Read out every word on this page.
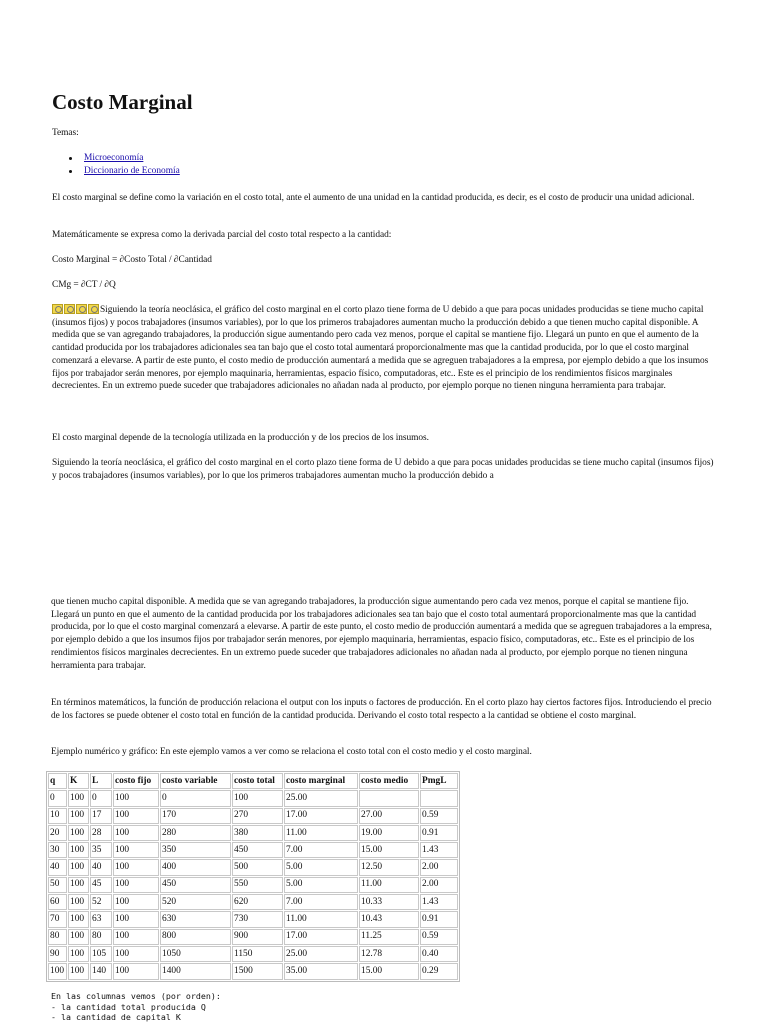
Costo Marginal

Temas:

Microeconomía
Diccionario de Economía

El costo marginal se define como la variación en el costo total, ante el aumento de una unidad en la cantidad producida, es decir, es el costo de producir una unidad adicional.

Matemáticamente se expresa como la derivada parcial del costo total respecto a la cantidad:

Costo Marginal = ∂Costo Total / ∂Cantidad

CMg = ∂CT / ∂Q

Siguiendo la teoría neoclásica, el gráfico del costo marginal en el corto plazo tiene forma de U debido a que para pocas unidades producidas se tiene mucho capital (insumos fijos) y pocos trabajadores (insumos variables), por lo que los primeros trabajadores aumentan mucho la producción debido a que tienen mucho capital disponible. A medida que se van agregando trabajadores, la producción sigue aumentando pero cada vez menos, porque el capital se mantiene fijo. Llegará un punto en que el aumento de la cantidad producida por los trabajadores adicionales sea tan bajo que el costo total aumentará proporcionalmente mas que la cantidad producida, por lo que el costo marginal comenzará a elevarse. A partir de este punto, el costo medio de producción aumentará a medida que se agreguen trabajadores a la empresa, por ejemplo debido a que los insumos fijos por trabajador serán menores, por ejemplo maquinaria, herramientas, espacio físico, computadoras, etc.. Este es el principio de los rendimientos físicos marginales decrecientes. En un extremo puede suceder que trabajadores adicionales no añadan nada al producto, por ejemplo porque no tienen ninguna herramienta para trabajar.

El costo marginal depende de la tecnología utilizada en la producción y de los precios de los insumos.

Siguiendo la teoría neoclásica, el gráfico del costo marginal en el corto plazo tiene forma de U debido a que para pocas unidades producidas se tiene mucho capital (insumos fijos) y pocos trabajadores (insumos variables), por lo que los primeros trabajadores aumentan mucho la producción debido a

que tienen mucho capital disponible. A medida que se van agregando trabajadores, la producción sigue aumentando pero cada vez menos, porque el capital se mantiene fijo. Llegará un punto en que el aumento de la cantidad producida por los trabajadores adicionales sea tan bajo que el costo total aumentará proporcionalmente mas que la cantidad producida, por lo que el costo marginal comenzará a elevarse. A partir de este punto, el costo medio de producción aumentará a medida que se agreguen trabajadores a la empresa, por ejemplo debido a que los insumos fijos por trabajador serán menores, por ejemplo maquinaria, herramientas, espacio físico, computadoras, etc.. Este es el principio de los rendimientos físicos marginales decrecientes. En un extremo puede suceder que trabajadores adicionales no añadan nada al producto, por ejemplo porque no tienen ninguna herramienta para trabajar.

En términos matemáticos, la función de producción relaciona el output con los inputs o factores de producción. En el corto plazo hay ciertos factores fijos. Introduciendo el precio de los factores se puede obtener el costo total en función de la cantidad producida. Derivando el costo total respecto a la cantidad se obtiene el costo marginal.

Ejemplo numérico y gráfico: En este ejemplo vamos a ver como se relaciona el costo total con el costo medio y el costo marginal.

q	K	L	costo fijo	costo variable	costo total	costo marginal	costo medio	PmgL
0	100	0	100	0	100	25.00		
10	100	17	100	170	270	17.00	27.00	0.59
20	100	28	100	280	380	11.00	19.00	0.91
30	100	35	100	350	450	7.00	15.00	1.43
40	100	40	100	400	500	5.00	12.50	2.00
50	100	45	100	450	550	5.00	11.00	2.00
60	100	52	100	520	620	7.00	10.33	1.43
70	100	63	100	630	730	11.00	10.43	0.91
80	100	80	100	800	900	17.00	11.25	0.59
90	100	105	100	1050	1150	25.00	12.78	0.40
100	100	140	100	1400	1500	35.00	15.00	0.29
En las columnas vemos (por orden):
- la cantidad total producida Q
- la cantidad de capital K
